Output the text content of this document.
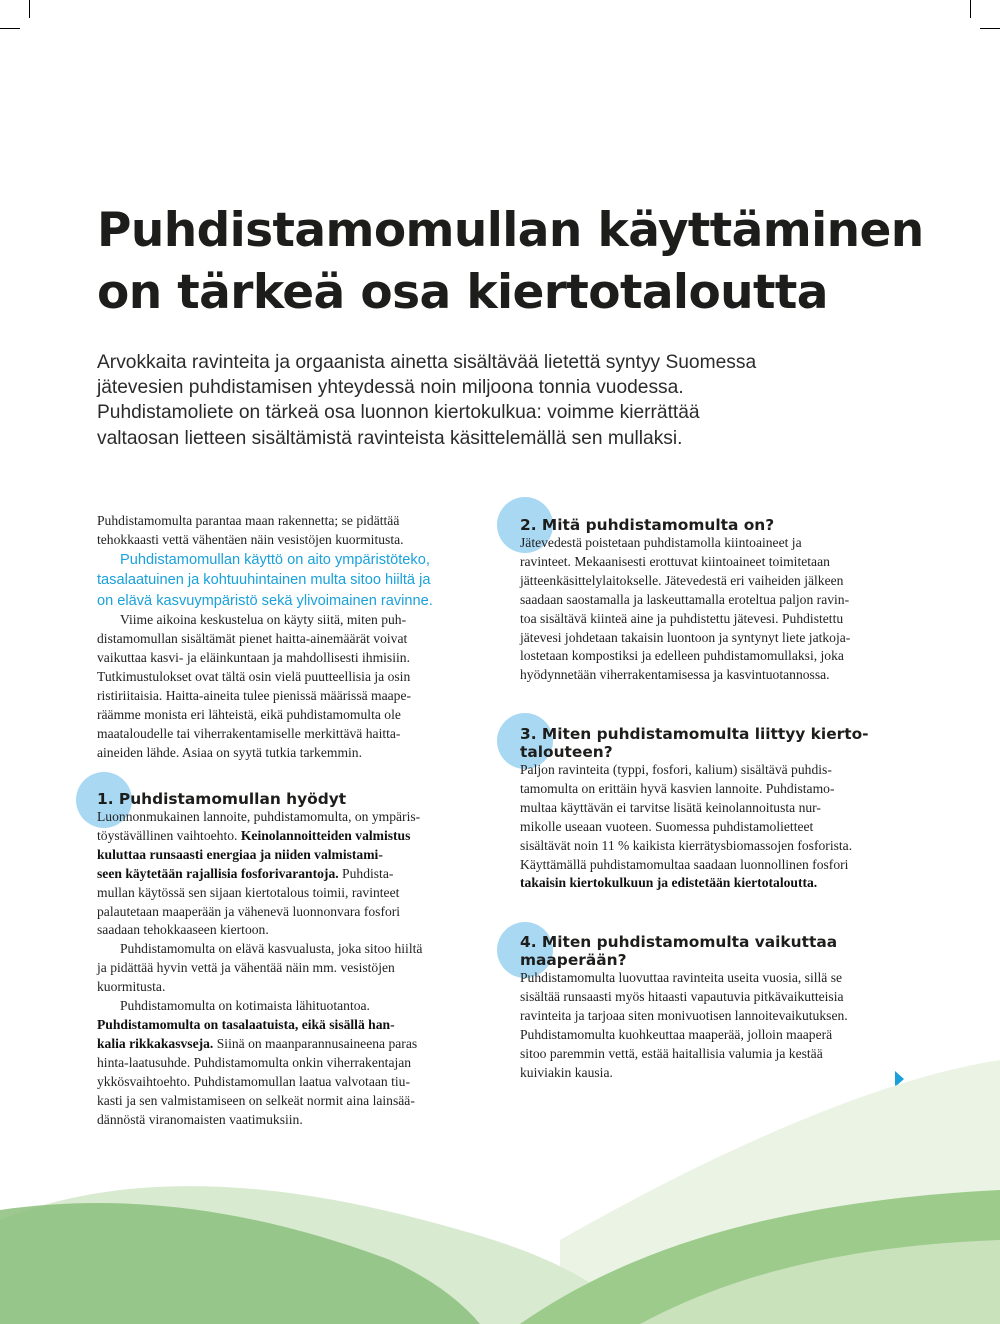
Puhdistamomullan käyttäminen
on tärkeä osa kiertotaloutta

Arvokkaita ravinteita ja orgaanista ainetta sisältävää lietettä syntyy Suomessa
jätevesien puhdistamisen yhteydessä noin miljoona tonnia vuodessa.
Puhdistamoliete on tärkeä osa luonnon kiertokulkua: voimme kierrättää
valtaosan lietteen sisältämistä ravinteista käsittelemällä sen mullaksi.

Puhdistamomulta parantaa maan rakennetta; se pidättää
tehokkaasti vettä vähentäen näin vesistöjen kuormitusta.

Puhdistamomullan käyttö on aito ympäristöteko,
tasalaatuinen ja kohtuuhintainen multa sitoo hiiltä ja
on elävä kasvuympäristö sekä ylivoimainen ravinne.

Viime aikoina keskustelua on käyty siitä, miten puh-
distamomullan sisältämät pienet haitta-ainemäärät voivat
vaikuttaa kasvi- ja eläinkuntaan ja mahdollisesti ihmisiin.
Tutkimustulokset ovat tältä osin vielä puutteellisia ja osin
ristiriitaisia. Haitta-aineita tulee pienissä määrissä maape-
räämme monista eri lähteistä, eikä puhdistamomulta ole
maataloudelle tai viherrakentamiselle merkittävä haitta-
aineiden lähde. Asiaa on syytä tutkia tarkemmin.

1. Puhdistamomullan hyödyt
Luonnonmukainen lannoite, puhdistamomulta, on ympäris-
töystävällinen vaihtoehto. Keinolannoitteiden valmistus
kuluttaa runsaasti energiaa ja niiden valmistami-
seen käytetään rajallisia fosforivarantoja. Puhdista-
mullan käytössä sen sijaan kiertotalous toimii, ravinteet
palautetaan maaperään ja vähenevä luonnonvara fosfori
saadaan tehokkaaseen kiertoon.
Puhdistamomulta on elävä kasvualusta, joka sitoo hiiltä
ja pidättää hyvin vettä ja vähentää näin mm. vesistöjen
kuormitusta.
Puhdistamomulta on kotimaista lähituotantoa.
Puhdistamomulta on tasalaatuista, eikä sisällä han-
kalia rikkakasvseja. Siinä on maanparannusaineena paras
hinta-laatusuhde. Puhdistamomulta onkin viherrakentajan
ykkösvaihtoehto. Puhdistamomullan laatua valvotaan tiu-
kasti ja sen valmistamiseen on selkeät normit aina lainsää-
dännöstä viranomaisten vaatimuksiin.
2. Mitä puhdistamomulta on?
Jätevedestä poistetaan puhdistamolla kiintoaineet ja
ravinteet. Mekaanisesti erottuvat kiintoaineet toimitetaan
jätteenkäsittelylaitokselle. Jätevedestä eri vaiheiden jälkeen
saadaan saostamalla ja laskeuttamalla eroteltua paljon ravin-
toa sisältävä kiinteä aine ja puhdistettu jätevesi. Puhdistettu
jätevesi johdetaan takaisin luontoon ja syntynyt liete jatkoja-
lostetaan kompostiksi ja edelleen puhdistamomullaksi, joka
hyödynnetään viherrakentamisessa ja kasvintuotannossa.
3. Miten puhdistamomulta liittyy kierto-
talouteen?
Paljon ravinteita (typpi, fosfori, kalium) sisältävä puhdis-
tamomulta on erittäin hyvä kasvien lannoite. Puhdistamo-
multaa käyttävän ei tarvitse lisätä keinolannoitusta nur-
mikolle useaan vuoteen. Suomessa puhdistamolietteet
sisältävät noin 11 % kaikista kierrätysbiomassojen fosforista.
Käyttämällä puhdistamomultaa saadaan luonnollinen fosfori
takaisin kiertokulkuun ja edistetään kiertotaloutta.
4. Miten puhdistamomulta vaikuttaa
maaperään?
Puhdistamomulta luovuttaa ravinteita useita vuosia, sillä se
sisältää runsaasti myös hitaasti vapautuvia pitkävaikutteisia
ravinteita ja tarjoaa siten monivuotisen lannoitevaikutuksen.
Puhdistamomulta kuohkeuttaa maaperää, jolloin maaperä
sitoo paremmin vettä, estää haitallisia valumia ja kestää
kuiviakin kausia.
